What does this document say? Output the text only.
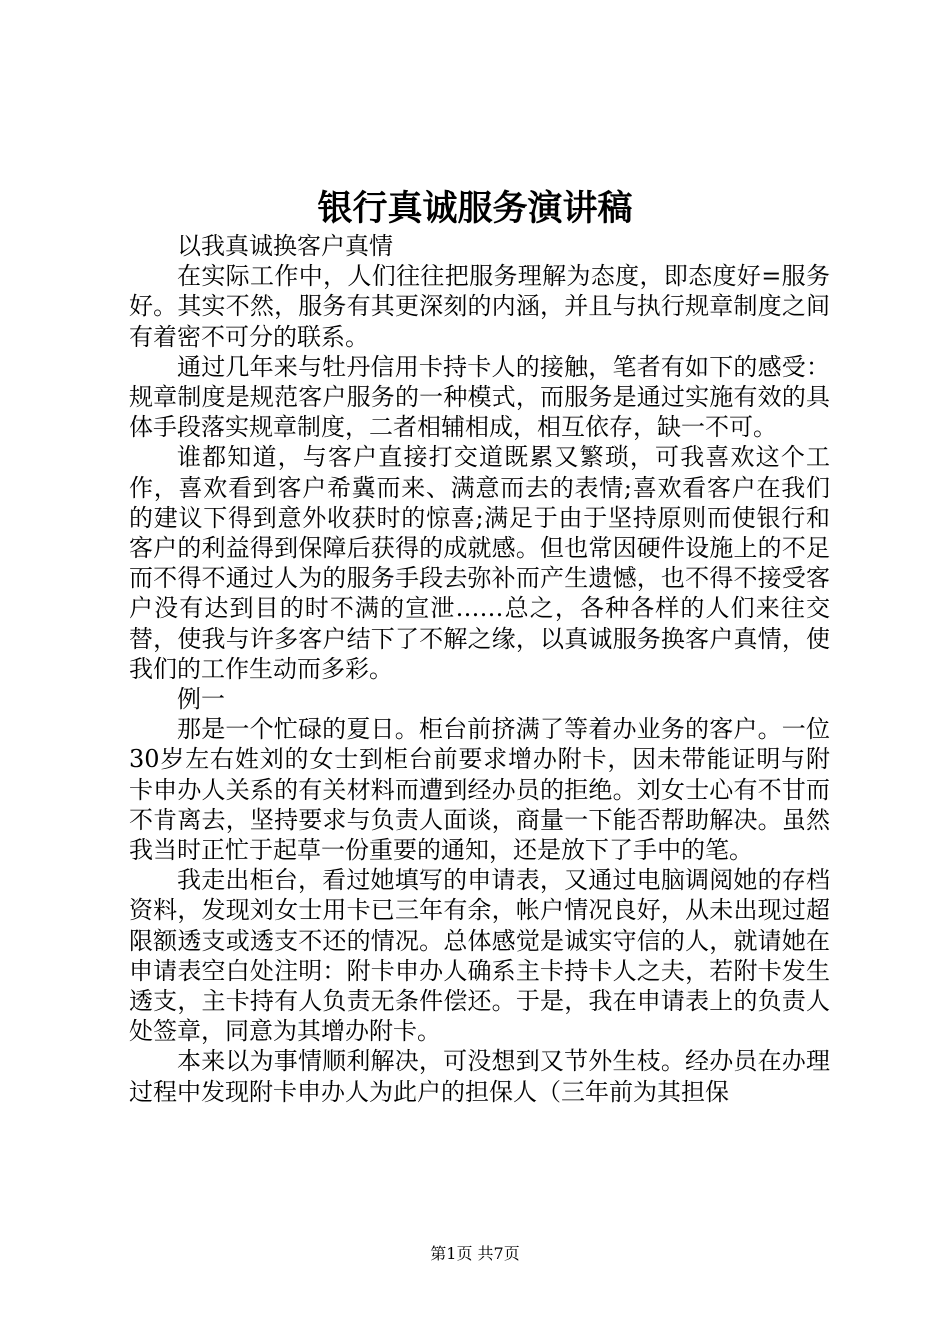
银行真诚服务演讲稿

以我真诚换客户真情

在实际工作中，人们往往把服务理解为态度，即态度好=服务好。其实不然，服务有其更深刻的内涵，并且与执行规章制度之间有着密不可分的联系。

通过几年来与牡丹信用卡持卡人的接触，笔者有如下的感受：规章制度是规范客户服务的一种模式，而服务是通过实施有效的具体手段落实规章制度，二者相辅相成，相互依存，缺一不可。

谁都知道，与客户直接打交道既累又繁琐，可我喜欢这个工作，喜欢看到客户希冀而来、满意而去的表情;喜欢看客户在我们的建议下得到意外收获时的惊喜;满足于由于坚持原则而使银行和客户的利益得到保障后获得的成就感。但也常因硬件设施上的不足而不得不通过人为的服务手段去弥补而产生遗憾，也不得不接受客户没有达到目的时不满的宣泄……总之，各种各样的人们来往交替，使我与许多客户结下了不解之缘，以真诚服务换客户真情，使我们的工作生动而多彩。

例一

那是一个忙碌的夏日。柜台前挤满了等着办业务的客户。一位30岁左右姓刘的女士到柜台前要求增办附卡，因未带能证明与附卡申办人关系的有关材料而遭到经办员的拒绝。刘女士心有不甘而不肯离去，坚持要求与负责人面谈，商量一下能否帮助解决。虽然我当时正忙于起草一份重要的通知，还是放下了手中的笔。

我走出柜台，看过她填写的申请表，又通过电脑调阅她的存档资料，发现刘女士用卡已三年有余，帐户情况良好，从未出现过超限额透支或透支不还的情况。总体感觉是诚实守信的人，就请她在申请表空白处注明：附卡申办人确系主卡持卡人之夫，若附卡发生透支，主卡持有人负责无条件偿还。于是，我在申请表上的负责人处签章，同意为其增办附卡。

本来以为事情顺利解决，可没想到又节外生枝。经办员在办理过程中发现附卡申办人为此户的担保人（三年前为其担保

第1页 共7页
